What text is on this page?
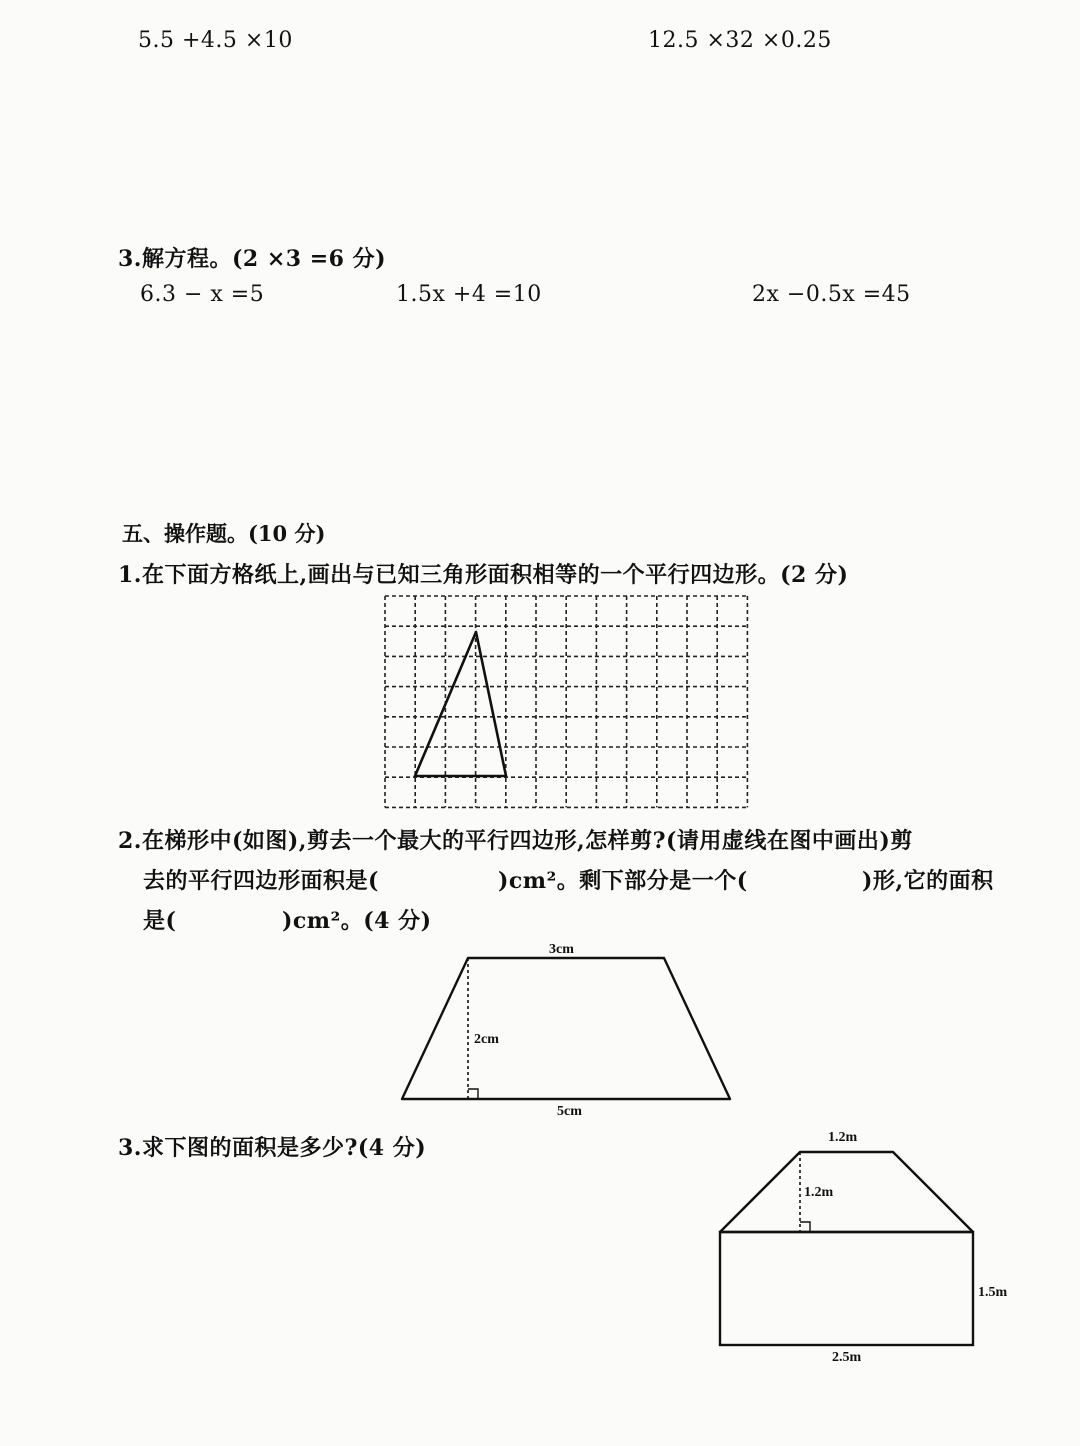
5.5 +4.5 ×10	12.5 ×32 ×0.25
3.解方程。(2 ×3 =6 分)
6.3 − x =5	1.5x +4 =10	2x −0.5x =45
五、操作题。(10 分)
1.在下面方格纸上,画出与已知三角形面积相等的一个平行四边形。(2 分)
2.在梯形中(如图),剪去一个最大的平行四边形,怎样剪?(请用虚线在图中画出)剪
去的平行四边形面积是(	)cm²。剩下部分是一个(	)形,它的面积
是(	)cm²。(4 分)
3cm
2cm
5cm
3.求下图的面积是多少?(4 分)	1.2m
1.2m
1.5m
2.5m
